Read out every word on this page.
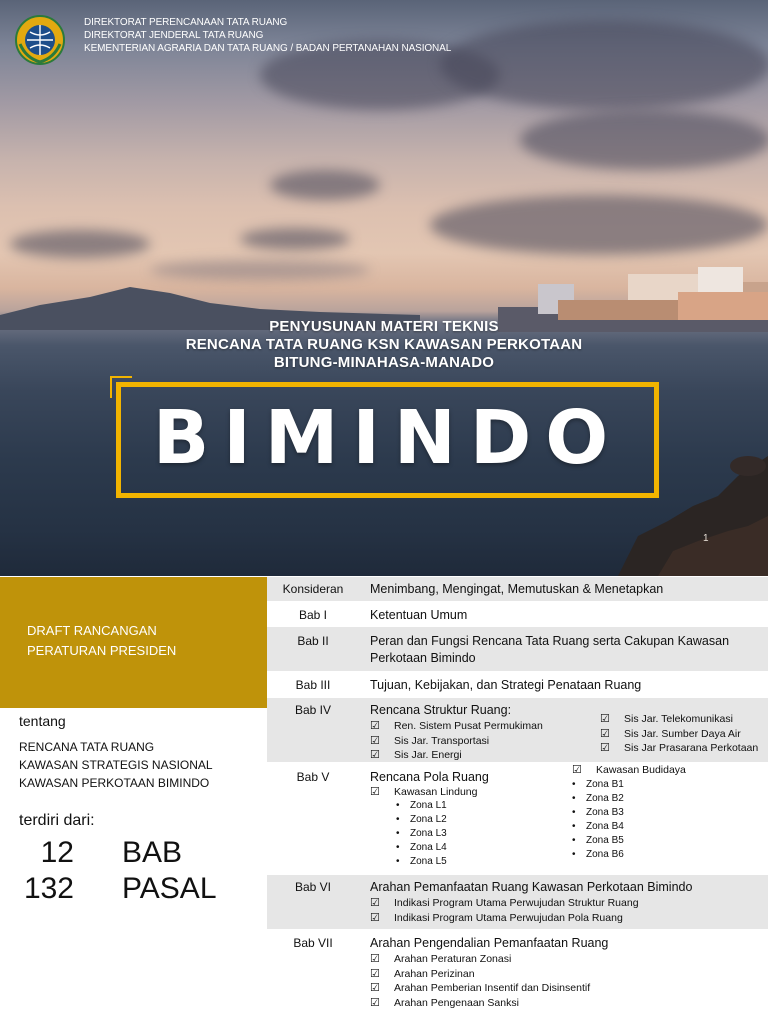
DIREKTORAT PERENCANAAN TATA RUANG
DIREKTORAT JENDERAL TATA RUANG
KEMENTERIAN AGRARIA DAN TATA RUANG / BADAN PERTANAHAN NASIONAL
PENYUSUNAN MATERI TEKNIS
RENCANA TATA RUANG KSN KAWASAN PERKOTAAN
BITUNG-MINAHASA-MANADO
BIMINDO
1
DRAFT RANCANGAN
PERATURAN PRESIDEN
tentang
RENCANA TATA RUANG
KAWASAN STRATEGIS NASIONAL
KAWASAN PERKOTAAN BIMINDO
terdiri dari:
12 BAB
132 PASAL
Konsideran	Menimbang, Mengingat, Memutuskan & Menetapkan
Bab I	Ketentuan Umum
Bab II	Peran dan Fungsi Rencana Tata Ruang serta Cakupan Kawasan
Perkotaan Bimindo
Bab III	Tujuan, Kebijakan, dan Strategi Penataan Ruang
Bab IV	Rencana Struktur Ruang:
☑	Ren. Sistem Pusat Permukiman
☑	Sis Jar. Transportasi
☑	Sis Jar. Energi
☑	Sis Jar. Telekomunikasi
☑	Sis Jar. Sumber Daya Air
☑	Sis Jar Prasarana Perkotaan
Bab V	Rencana Pola Ruang
☑	Kawasan Lindung
• Zona L1
• Zona L2
• Zona L3
• Zona L4
• Zona L5
☑	Kawasan Budidaya
• Zona B1
• Zona B2
• Zona B3
• Zona B4
• Zona B5
• Zona B6
Bab VI	Arahan Pemanfaatan Ruang Kawasan Perkotaan Bimindo
☑	Indikasi Program Utama Perwujudan Struktur Ruang
☑	Indikasi Program Utama Perwujudan Pola Ruang
Bab VII	Arahan Pengendalian Pemanfaatan Ruang
☑	Arahan Peraturan Zonasi
☑	Arahan Perizinan
☑	Arahan Pemberian Insentif dan Disinsentif
☑	Arahan Pengenaan Sanksi
